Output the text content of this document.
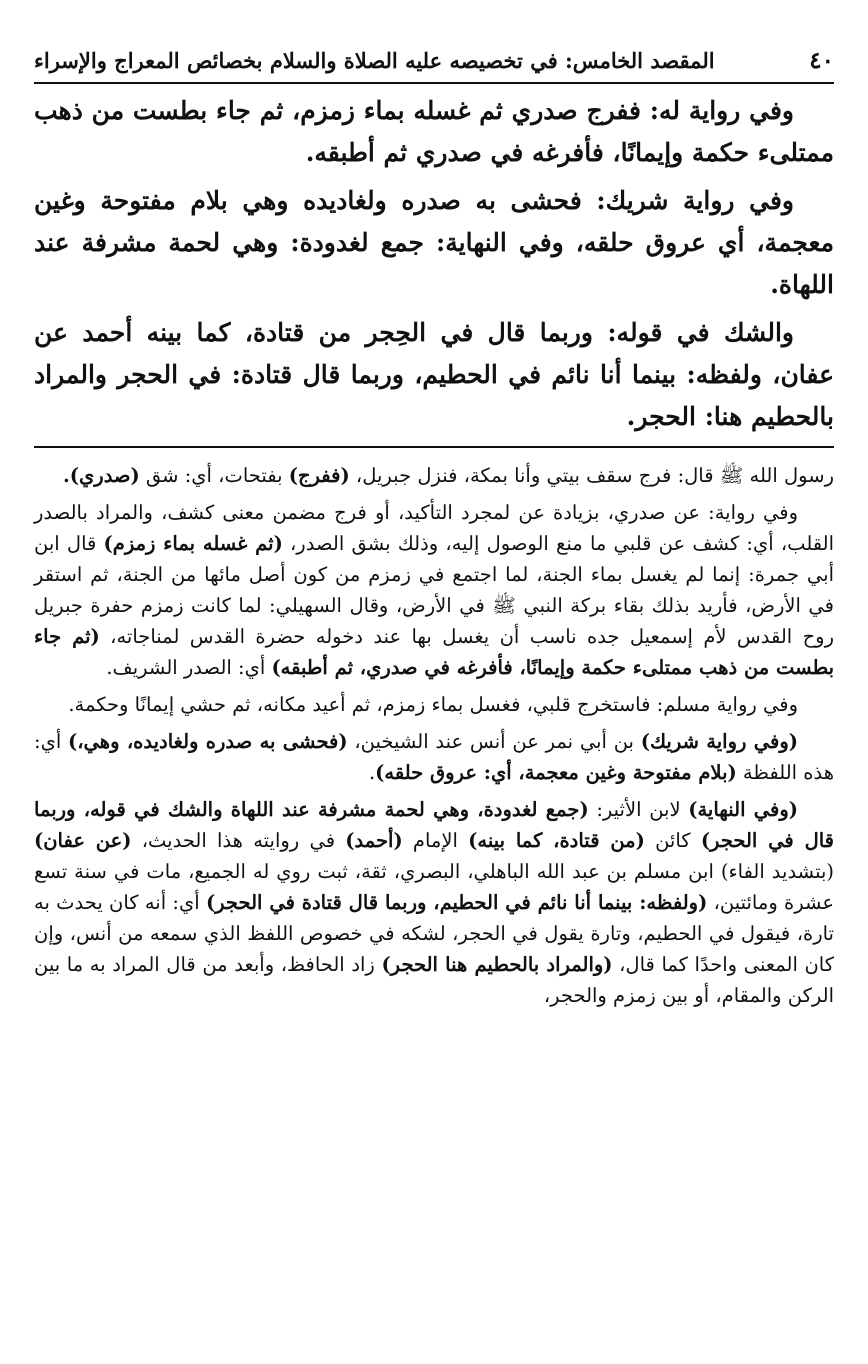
٤٠
المقصد الخامس: في تخصيصه عليه الصلاة والسلام بخصائص المعراج والإسراء

وفي رواية له: ففرج صدري ثم غسله بماء زمزم، ثم جاء بطست من ذهب ممتلىء حكمة وإيمانًا، فأفرغه في صدري ثم أطبقه.

وفي رواية شريك: فحشى به صدره ولغاديده وهي بلام مفتوحة وغين معجمة، أي عروق حلقه، وفي النهاية: جمع لغدودة: وهي لحمة مشرفة عند اللهاة.

والشك في قوله: وربما قال في الحِجر من قتادة، كما بينه أحمد عن عفان، ولفظه: بينما أنا نائم في الحطيم، وربما قال قتادة: في الحجر والمراد بالحطيم هنا: الحجر.

رسول الله ﷺ قال: فرج سقف بيتي وأنا بمكة، فنزل جبريل، (ففرج) بفتحات، أي: شق (صدري).

وفي رواية: عن صدري، بزيادة عن لمجرد التأكيد، أو فرج مضمن معنى كشف، والمراد بالصدر القلب، أي: كشف عن قلبي ما منع الوصول إليه، وذلك بشق الصدر، (ثم غسله بماء زمزم) قال ابن أبي جمرة: إنما لم يغسل بماء الجنة، لما اجتمع في زمزم من كون أصل مائها من الجنة، ثم استقر في الأرض، فأريد بذلك بقاء بركة النبي ﷺ في الأرض، وقال السهيلي: لما كانت زمزم حفرة جبريل روح القدس لأم إسمعيل جده ناسب أن يغسل بها عند دخوله حضرة القدس لمناجاته، (ثم جاء بطست من ذهب ممتلىء حكمة وإيمانًا، فأفرغه في صدري، ثم أطبقه) أي: الصدر الشريف.

وفي رواية مسلم: فاستخرج قلبي، فغسل بماء زمزم، ثم أعيد مكانه، ثم حشي إيمانًا وحكمة.

(وفي رواية شريك) بن أبي نمر عن أنس عند الشيخين، (فحشى به صدره ولغاديده، وهي،) أي: هذه اللفظة (بلام مفتوحة وغين معجمة، أي: عروق حلقه).

(وفي النهاية) لابن الأثير: (جمع لغدودة، وهي لحمة مشرفة عند اللهاة والشك في قوله، وربما قال في الحجر) كائن (من قتادة، كما بينه) الإمام (أحمد) في روايته هذا الحديث، (عن عفان) (بتشديد الفاء) ابن مسلم بن عبد الله الباهلي، البصري، ثقة، ثبت روي له الجميع، مات في سنة تسع عشرة ومائتين، (ولفظه: بينما أنا نائم في الحطيم، وربما قال قتادة في الحجر) أي: أنه كان يحدث به تارة، فيقول في الحطيم، وتارة يقول في الحجر، لشكه في خصوص اللفظ الذي سمعه من أنس، وإن كان المعنى واحدًا كما قال، (والمراد بالحطيم هنا الحجر) زاد الحافظ، وأبعد من قال المراد به ما بين الركن والمقام، أو بين زمزم والحجر،
